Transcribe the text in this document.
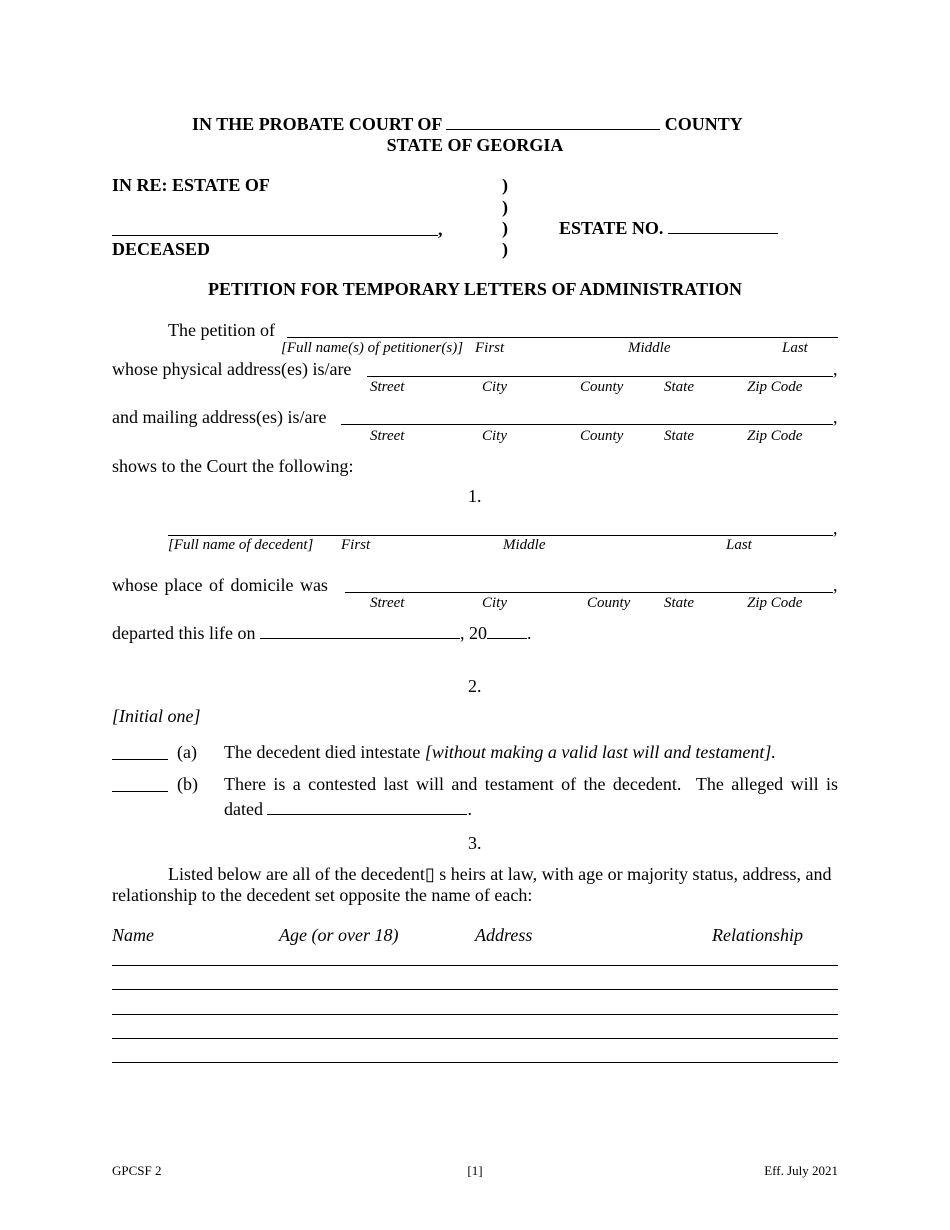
IN THE PROBATE COURT OF	COUNTY
STATE OF GEORGIA
IN RE: ESTATE OF
,
DECEASED
)
)
)
)
ESTATE NO.
PETITION FOR TEMPORARY LETTERS OF ADMINISTRATION
The petition of
[Full name(s) of petitioner(s)] First	Middle	Last
whose physical address(es) is/are	,
Street	City	County	State	Zip Code
and mailing address(es) is/are	,
Street	City	County	State	Zip Code
shows to the Court the following:
1.
,
[Full name of decedent] First	Middle	Last
whose place of domicile was	,
Street	City	County State	Zip Code
departed this life on	, 20 .
2.
[Initial one]
(a) The decedent died intestate [without making a valid last will and testament].
(b) There is a contested last will and testament of the decedent.  The alleged will is
dated	.
3.
Listed below are all of the decedent▯ s heirs at law, with age or majority status, address, and
relationship to the decedent set opposite the name of each:
Name	Age (or over 18)	Address	Relationship
GPCSF 2	[1]	Eff. July 2021
